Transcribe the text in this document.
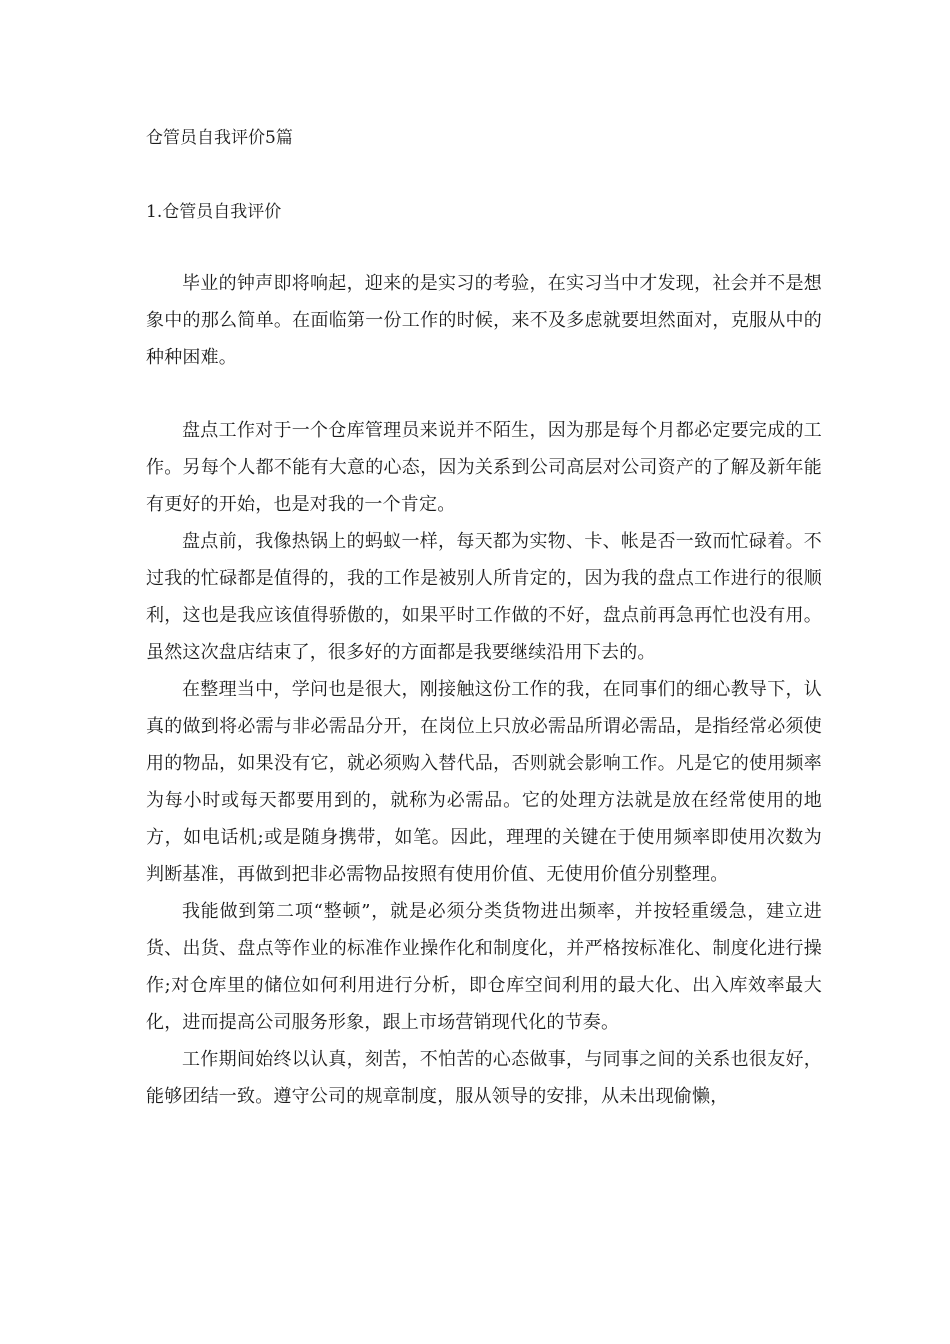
仓管员自我评价5篇
1.仓管员自我评价

毕业的钟声即将响起，迎来的是实习的考验，在实习当中才发现，社会并不是想象中的那么简单。在面临第一份工作的时候，来不及多虑就要坦然面对，克服从中的种种困难。

盘点工作对于一个仓库管理员来说并不陌生，因为那是每个月都必定要完成的工作。另每个人都不能有大意的心态，因为关系到公司高层对公司资产的了解及新年能有更好的开始，也是对我的一个肯定。

盘点前，我像热锅上的蚂蚁一样，每天都为实物、卡、帐是否一致而忙碌着。不过我的忙碌都是值得的，我的工作是被别人所肯定的，因为我的盘点工作进行的很顺利，这也是我应该值得骄傲的，如果平时工作做的不好，盘点前再急再忙也没有用。虽然这次盘店结束了，很多好的方面都是我要继续沿用下去的。

在整理当中，学问也是很大，刚接触这份工作的我，在同事们的细心教导下，认真的做到将必需与非必需品分开，在岗位上只放必需品所谓必需品，是指经常必须使用的物品，如果没有它，就必须购入替代品，否则就会影响工作。凡是它的使用频率为每小时或每天都要用到的，就称为必需品。它的处理方法就是放在经常使用的地方，如电话机;或是随身携带，如笔。因此，理理的关键在于使用频率即使用次数为判断基准，再做到把非必需物品按照有使用价值、无使用价值分别整理。

我能做到第二项“整顿”，就是必须分类货物进出频率，并按轻重缓急，建立进货、出货、盘点等作业的标准作业操作化和制度化，并严格按标准化、制度化进行操作;对仓库里的储位如何利用进行分析，即仓库空间利用的最大化、出入库效率最大化，进而提高公司服务形象，跟上市场营销现代化的节奏。

工作期间始终以认真，刻苦，不怕苦的心态做事，与同事之间的关系也很友好，能够团结一致。遵守公司的规章制度，服从领导的安排，从未出现偷懒，
